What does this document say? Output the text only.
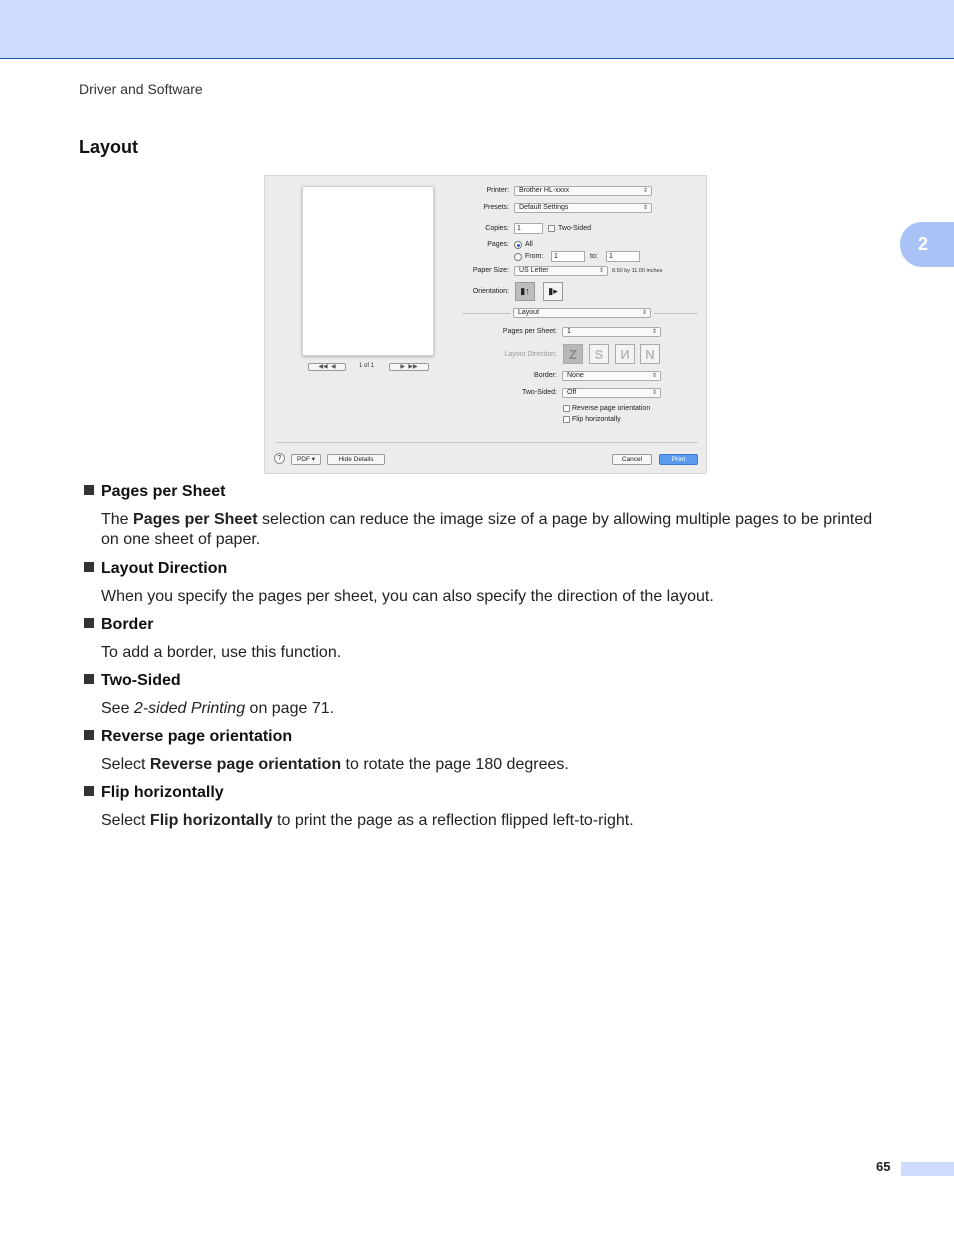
Driver and Software
2
Layout
◀◀  ◀	1 of 1	▶  ▶▶
Printer:	Brother HL-xxxx	⇕
Presets:	Default Settings	⇕
Copies:	1	Two-Sided
Pages: All
From:	1	to:	1
Paper Size:	US Letter	⇕ 8.50 by 11.00 inches
Orientation:	▮↑	▮▸
Layout	⇕
Pages per Sheet:	1	⇕
Layout Direction: Z	S	И	N
Border:	None	⇕
Two-Sided:	Off	⇕
Reverse page orientation
Flip horizontally
?	PDF ▾	Hide Details	Cancel	Print
Pages per Sheet
The Pages per Sheet selection can reduce the image size of a page by allowing multiple pages to be printed on one sheet of paper.
Layout Direction
When you specify the pages per sheet, you can also specify the direction of the layout.
Border
To add a border, use this function.
Two-Sided
See 2-sided Printing on page 71.
Reverse page orientation
Select Reverse page orientation to rotate the page 180 degrees.
Flip horizontally
Select Flip horizontally to print the page as a reflection flipped left-to-right.
65
